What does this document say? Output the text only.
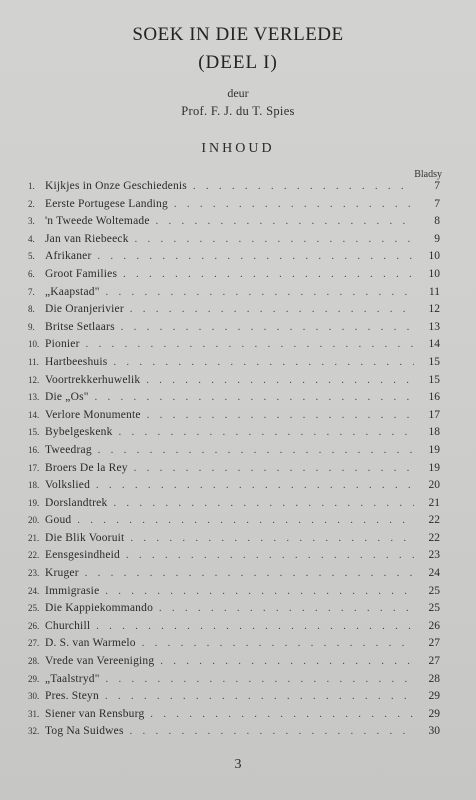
SOEK IN DIE VERLEDE
(DEEL I)
deur
Prof. F. J. du T. Spies
INHOUD
Bladsy
1. Kijkjes in Onze Geschiedenis . . .	7
2. Eerste Portugese Landing . . .	7
3. 'n Tweede Woltemade . . .	8
4. Jan van Riebeeck . . .	9
5. Afrikaner . . .	10
6. Groot Families . . .	10
7. „Kaapstad" . . .	11
8. Die Oranjerivier . . .	12
9. Britse Setlaars . . .	13
10. Pionier . . .	14
11. Hartbeeshuis . . .	15
12. Voortrekkerhuwelik . . .	15
13. Die „Os" . . .	16
14. Verlore Monumente . . .	17
15. Bybelgeskenk . . .	18
16. Tweedrag . . .	19
17. Broers De la Rey . . .	19
18. Volkslied . . .	20
19. Dorslandtrek . . .	21
20. Goud . . .	22
21. Die Blik Vooruit . . .	22
22. Eensgesindheid . . .	23
23. Kruger . . .	24
24. Immigrasie . . .	25
25. Die Kappiekommando . . .	25
26. Churchill . . .	26
27. D. S. van Warmelo . . .	27
28. Vrede van Vereeniging . . .	27
29. „Taalstryd" . . .	28
30. Pres. Steyn . . .	29
31. Siener van Rensburg . . .	29
32. Tog Na Suidwes . . .	30
3
